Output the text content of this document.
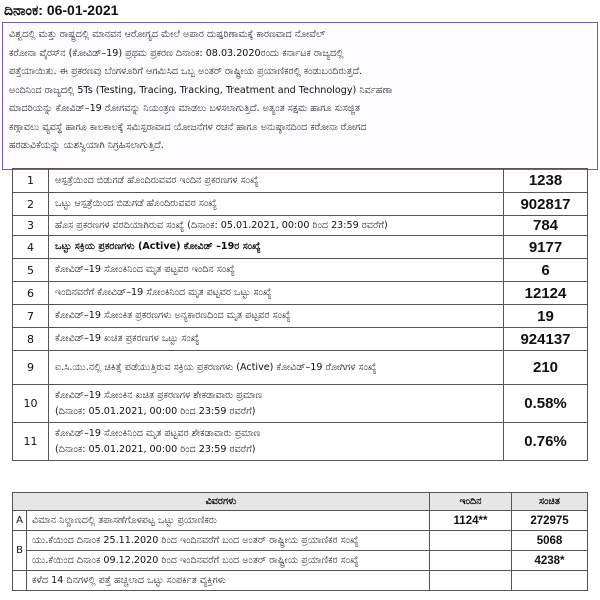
ದಿನಾಂಕ: 06-01-2021

ವಿಶ್ವದಲ್ಲಿ ಮತ್ತು ರಾಷ್ಟ್ರದಲ್ಲಿ ಮಾನವನ ಆರೋಗ್ಯದ ಮೇಲೆ ಅಪಾರ ದುಷ್ಪರಿಣಾಮಕ್ಕೆ ಕಾರಣವಾದ ನೋವೆಲ್

ಕರೋನಾ ವೈರಸ್‌ನ (ಕೋವಿಡ್–19) ಪ್ರಥಮ ಪ್ರಕರಣ ದಿನಾಂಕ: 08.03.2020ರಂದು ಕರ್ನಾಟಕ ರಾಜ್ಯದಲ್ಲಿ

ಪತ್ತೆಯಾಯಿತು. ಈ ಪ್ರಕರಣವು ಬೆಂಗಳೂರಿಗೆ ಆಗಮಿಸಿದ ಒಬ್ಬ ಅಂತರ್ ರಾಷ್ಟ್ರೀಯ ಪ್ರಯಾಣಿಕರಲ್ಲಿ ಕಂಡುಬಂದಿರುತ್ತದೆ.

ಅಂದಿನಿಂದ ರಾಜ್ಯದಲ್ಲಿ 5Ts (Testing, Tracing, Tracking, Treatment and Technology) ನಿರ್ವಹಣಾ

ಮಾದರಿಯನ್ನು ಕೋವಿಡ್–19 ರೋಗವನ್ನು ನಿಯಂತ್ರಣ ಮಾಡಲು ಬಳಸಲಾಗುತ್ತಿದೆ. ಅತ್ಯಂತ ಸಕ್ಷಮ ಹಾಗೂ ಸುಸಜ್ಜಿತ

ಕಣ್ಗಾವಲು ವ್ಯವಸ್ಥೆ ಹಾಗೂ ಕಾಲಕಾಲಕ್ಕೆ ಸಮಿಸ್ಪರಾವಾದ ಯೋಜನೆಗಳ ರಚನೆ ಹಾಗೂ ಅನುಷ್ಠಾನದಿಂದ ಕರೋನಾ ರೋಗದ

ಹರಡುವಿಕೆಯನ್ನು ಯಶಸ್ವಿಯಾಗಿ ನಿಗ್ರಹಿಸಲಾಗುತ್ತಿದೆ.

1	ಆಸ್ಪತ್ರೆಯಿಂದ ಬಿಡುಗಡೆ ಹೊಂದಿರುವವರ ಇಂದಿನ ಪ್ರಕರಣಗಳ ಸಂಖ್ಯೆ	1238
2	ಒಟ್ಟು ಆಸ್ಪತ್ರೆಯಿಂದ ಬಿಡುಗಡೆ ಹೊಂದಿರುವವರ ಸಂಖ್ಯೆ	902817
3	ಹೊಸ ಪ್ರಕರಣಗಳ ವರದಿಯಾಗಿರುವ ಸಂಖ್ಯೆ (ದಿನಾಂಕ: 05.01.2021, 00:00 ರಿಂದ 23:59 ರವರೆಗೆ)	784
4	ಒಟ್ಟು ಸಕ್ರಿಯ ಪ್ರಕರಣಗಳು (Active) ಕೋವಿಡ್ –19ರ ಸಂಖ್ಯೆ	9177
5	ಕೋವಿಡ್–19 ಸೋಂಕಿನಿಂದ ಮೃತ ಪಟ್ಟವರ ಇಂದಿನ ಸಂಖ್ಯೆ	6
6	ಇಂದಿನವರೆಗೆ ಕೋವಿಡ್–19 ಸೋಂಕಿನಿಂದ ಮೃತ ಪಟ್ಟವರ ಒಟ್ಟು ಸಂಖ್ಯೆ	12124
7	ಕೋವಿಡ್–19 ಸೋಂಕಿತ ಪ್ರಕರಣಗಳು ಅನ್ಯಕಾರಣದಿಂದ ಮೃತ ಪಟ್ಟವರ ಸಂಖ್ಯೆ	19
8	ಕೋವಿಡ್–19 ಖಚಿತ ಪ್ರಕರಣಗಳ ಒಟ್ಟು ಸಂಖ್ಯೆ	924137
9	ಐ.ಸಿ.ಯು.ನಲ್ಲಿ ಚಿಕಿತ್ಸೆ ಪಡೆಯುತ್ತಿರುವ ಸಕ್ರಿಯ ಪ್ರಕರಣಗಳು (Active) ಕೋವಿಡ್–19 ರೋಗಿಗಳ ಸಂಖ್ಯೆ	210
10	ಕೋವಿಡ್–19 ಸೋಂಕಿನ ಖಚಿತ ಪ್ರಕರಣಗಳ ಶೇಕಡಾವಾರು ಪ್ರಮಾಣ
(ದಿನಾಂಕ: 05.01.2021, 00:00 ರಿಂದ 23:59 ರವರೆಗೆ)	0.58%
11	ಕೋವಿಡ್–19 ಸೋಂಕಿನಿಂದ ಮೃತ ಪಟ್ಟವರ ಶೇಕಡಾವಾರು ಪ್ರಮಾಣ
(ದಿನಾಂಕ: 05.01.2021, 00:00 ರಿಂದ 23:59 ರವರೆಗೆ)	0.76%
ವಿವರಗಳು		ಇಂದಿನ	ಸಂಚಿತ
A	ವಿಮಾನ ನಿಲ್ದಾಣದಲ್ಲಿ ತಪಾಸಣೆಗೊಳಪಟ್ಟ ಒಟ್ಟು ಪ್ರಯಾಣಿಕರು	1124**	272975
B	ಯು.ಕೆಯಿಂದ ದಿನಾಂಕ 25.11.2020 ರಿಂದ ಇಂದಿನವರೆಗೆ ಬಂದ ಅಂತರ್ ರಾಷ್ಟ್ರೀಯ ಪ್ರಯಾಣಿಕರ ಸಂಖ್ಯೆ		5068
	ಯು.ಕೆಯಿಂದ ದಿನಾಂಕ 09.12.2020 ರಿಂದ ಇಂದಿನವರೆಗೆ ಬಂದ ಅಂತರ್ ರಾಷ್ಟ್ರೀಯ ಪ್ರಯಾಣಿಕರ ಸಂಖ್ಯೆ		4238*
	ಕಳೆದ 14 ದಿನಗಳಲ್ಲಿ ಪತ್ತೆ ಹಚ್ಚಲಾದ ಒಟ್ಟು ಸಂಪರ್ಕಿತ ವ್ಯಕ್ತಿಗಳು		
